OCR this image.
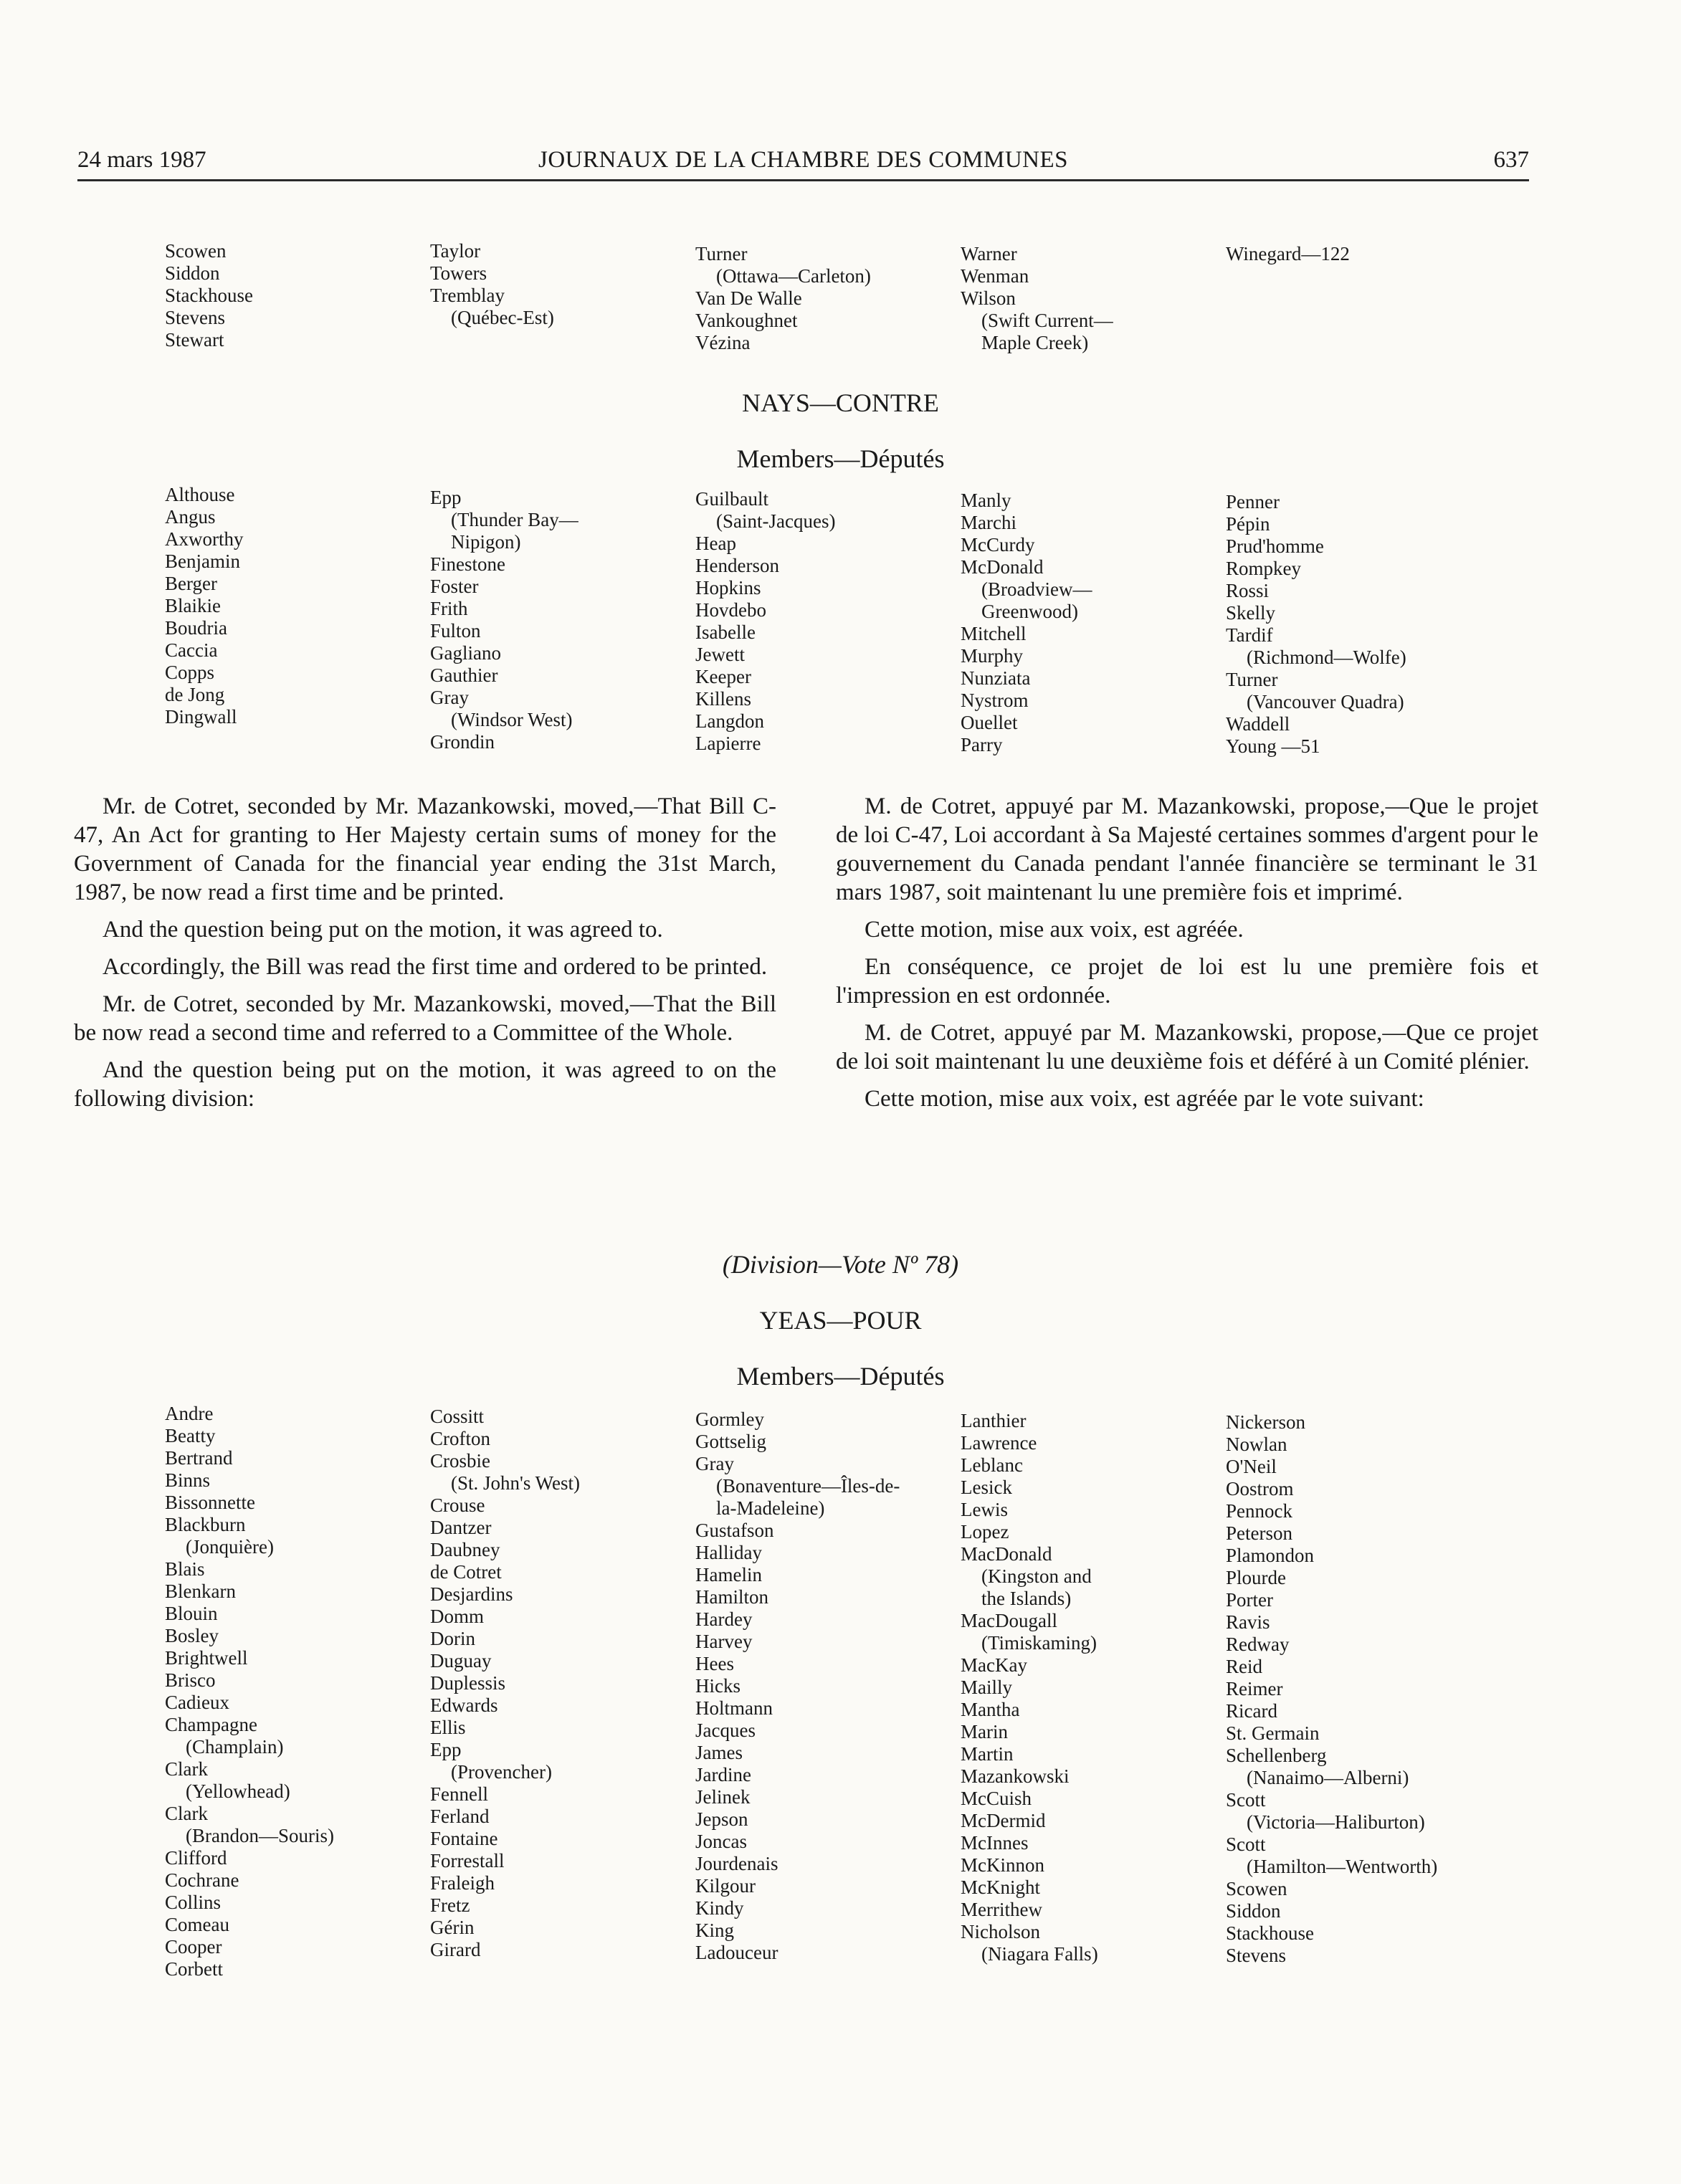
24 mars 1987	JOURNAUX DE LA CHAMBRE DES COMMUNES	637
Scowen
Siddon
Stackhouse
Stevens
Stewart
Taylor
Towers
Tremblay
(Québec-Est)
Turner
(Ottawa—Carleton)
Van De Walle
Vankoughnet
Vézina
Warner
Wenman
Wilson
(Swift Current—
Maple Creek)
Winegard—122
NAYS—CONTRE
Members—Députés
Althouse
Angus
Axworthy
Benjamin
Berger
Blaikie
Boudria
Caccia
Copps
de Jong
Dingwall
Epp
(Thunder Bay—
Nipigon)
Finestone
Foster
Frith
Fulton
Gagliano
Gauthier
Gray
(Windsor West)
Grondin
Guilbault
(Saint-Jacques)
Heap
Henderson
Hopkins
Hovdebo
Isabelle
Jewett
Keeper
Killens
Langdon
Lapierre
Manly
Marchi
McCurdy
McDonald
(Broadview—
Greenwood)
Mitchell
Murphy
Nunziata
Nystrom
Ouellet
Parry
Penner
Pépin
Prud'homme
Rompkey
Rossi
Skelly
Tardif
(Richmond—Wolfe)
Turner
(Vancouver Quadra)
Waddell
Young —51

Mr. de Cotret, seconded by Mr. Mazankowski, moved,—That Bill C-47, An Act for granting to Her Majesty certain sums of money for the Government of Canada for the financial year ending the 31st March, 1987, be now read a first time and be printed.

And the question being put on the motion, it was agreed to.

Accordingly, the Bill was read the first time and ordered to be printed.

Mr. de Cotret, seconded by Mr. Mazankowski, moved,—That the Bill be now read a second time and referred to a Committee of the Whole.

And the question being put on the motion, it was agreed to on the following division:

M. de Cotret, appuyé par M. Mazankowski, propose,—Que le projet de loi C-47, Loi accordant à Sa Majesté certaines sommes d'argent pour le gouvernement du Canada pendant l'année financière se terminant le 31 mars 1987, soit maintenant lu une première fois et imprimé.

Cette motion, mise aux voix, est agréée.

En conséquence, ce projet de loi est lu une première fois et l'impression en est ordonnée.

M. de Cotret, appuyé par M. Mazankowski, propose,—Que ce projet de loi soit maintenant lu une deuxième fois et déféré à un Comité plénier.

Cette motion, mise aux voix, est agréée par le vote suivant:

(Division—Vote Nº 78)
YEAS—POUR
Members—Députés
Andre
Beatty
Bertrand
Binns
Bissonnette
Blackburn
(Jonquière)
Blais
Blenkarn
Blouin
Bosley
Brightwell
Brisco
Cadieux
Champagne
(Champlain)
Clark
(Yellowhead)
Clark
(Brandon—Souris)
Clifford
Cochrane
Collins
Comeau
Cooper
Corbett
Cossitt
Crofton
Crosbie
(St. John's West)
Crouse
Dantzer
Daubney
de Cotret
Desjardins
Domm
Dorin
Duguay
Duplessis
Edwards
Ellis
Epp
(Provencher)
Fennell
Ferland
Fontaine
Forrestall
Fraleigh
Fretz
Gérin
Girard
Gormley
Gottselig
Gray
(Bonaventure—Îles-de-
la-Madeleine)
Gustafson
Halliday
Hamelin
Hamilton
Hardey
Harvey
Hees
Hicks
Holtmann
Jacques
James
Jardine
Jelinek
Jepson
Joncas
Jourdenais
Kilgour
Kindy
King
Ladouceur
Lanthier
Lawrence
Leblanc
Lesick
Lewis
Lopez
MacDonald
(Kingston and
the Islands)
MacDougall
(Timiskaming)
MacKay
Mailly
Mantha
Marin
Martin
Mazankowski
McCuish
McDermid
McInnes
McKinnon
McKnight
Merrithew
Nicholson
(Niagara Falls)
Nickerson
Nowlan
O'Neil
Oostrom
Pennock
Peterson
Plamondon
Plourde
Porter
Ravis
Redway
Reid
Reimer
Ricard
St. Germain
Schellenberg
(Nanaimo—Alberni)
Scott
(Victoria—Haliburton)
Scott
(Hamilton—Wentworth)
Scowen
Siddon
Stackhouse
Stevens
